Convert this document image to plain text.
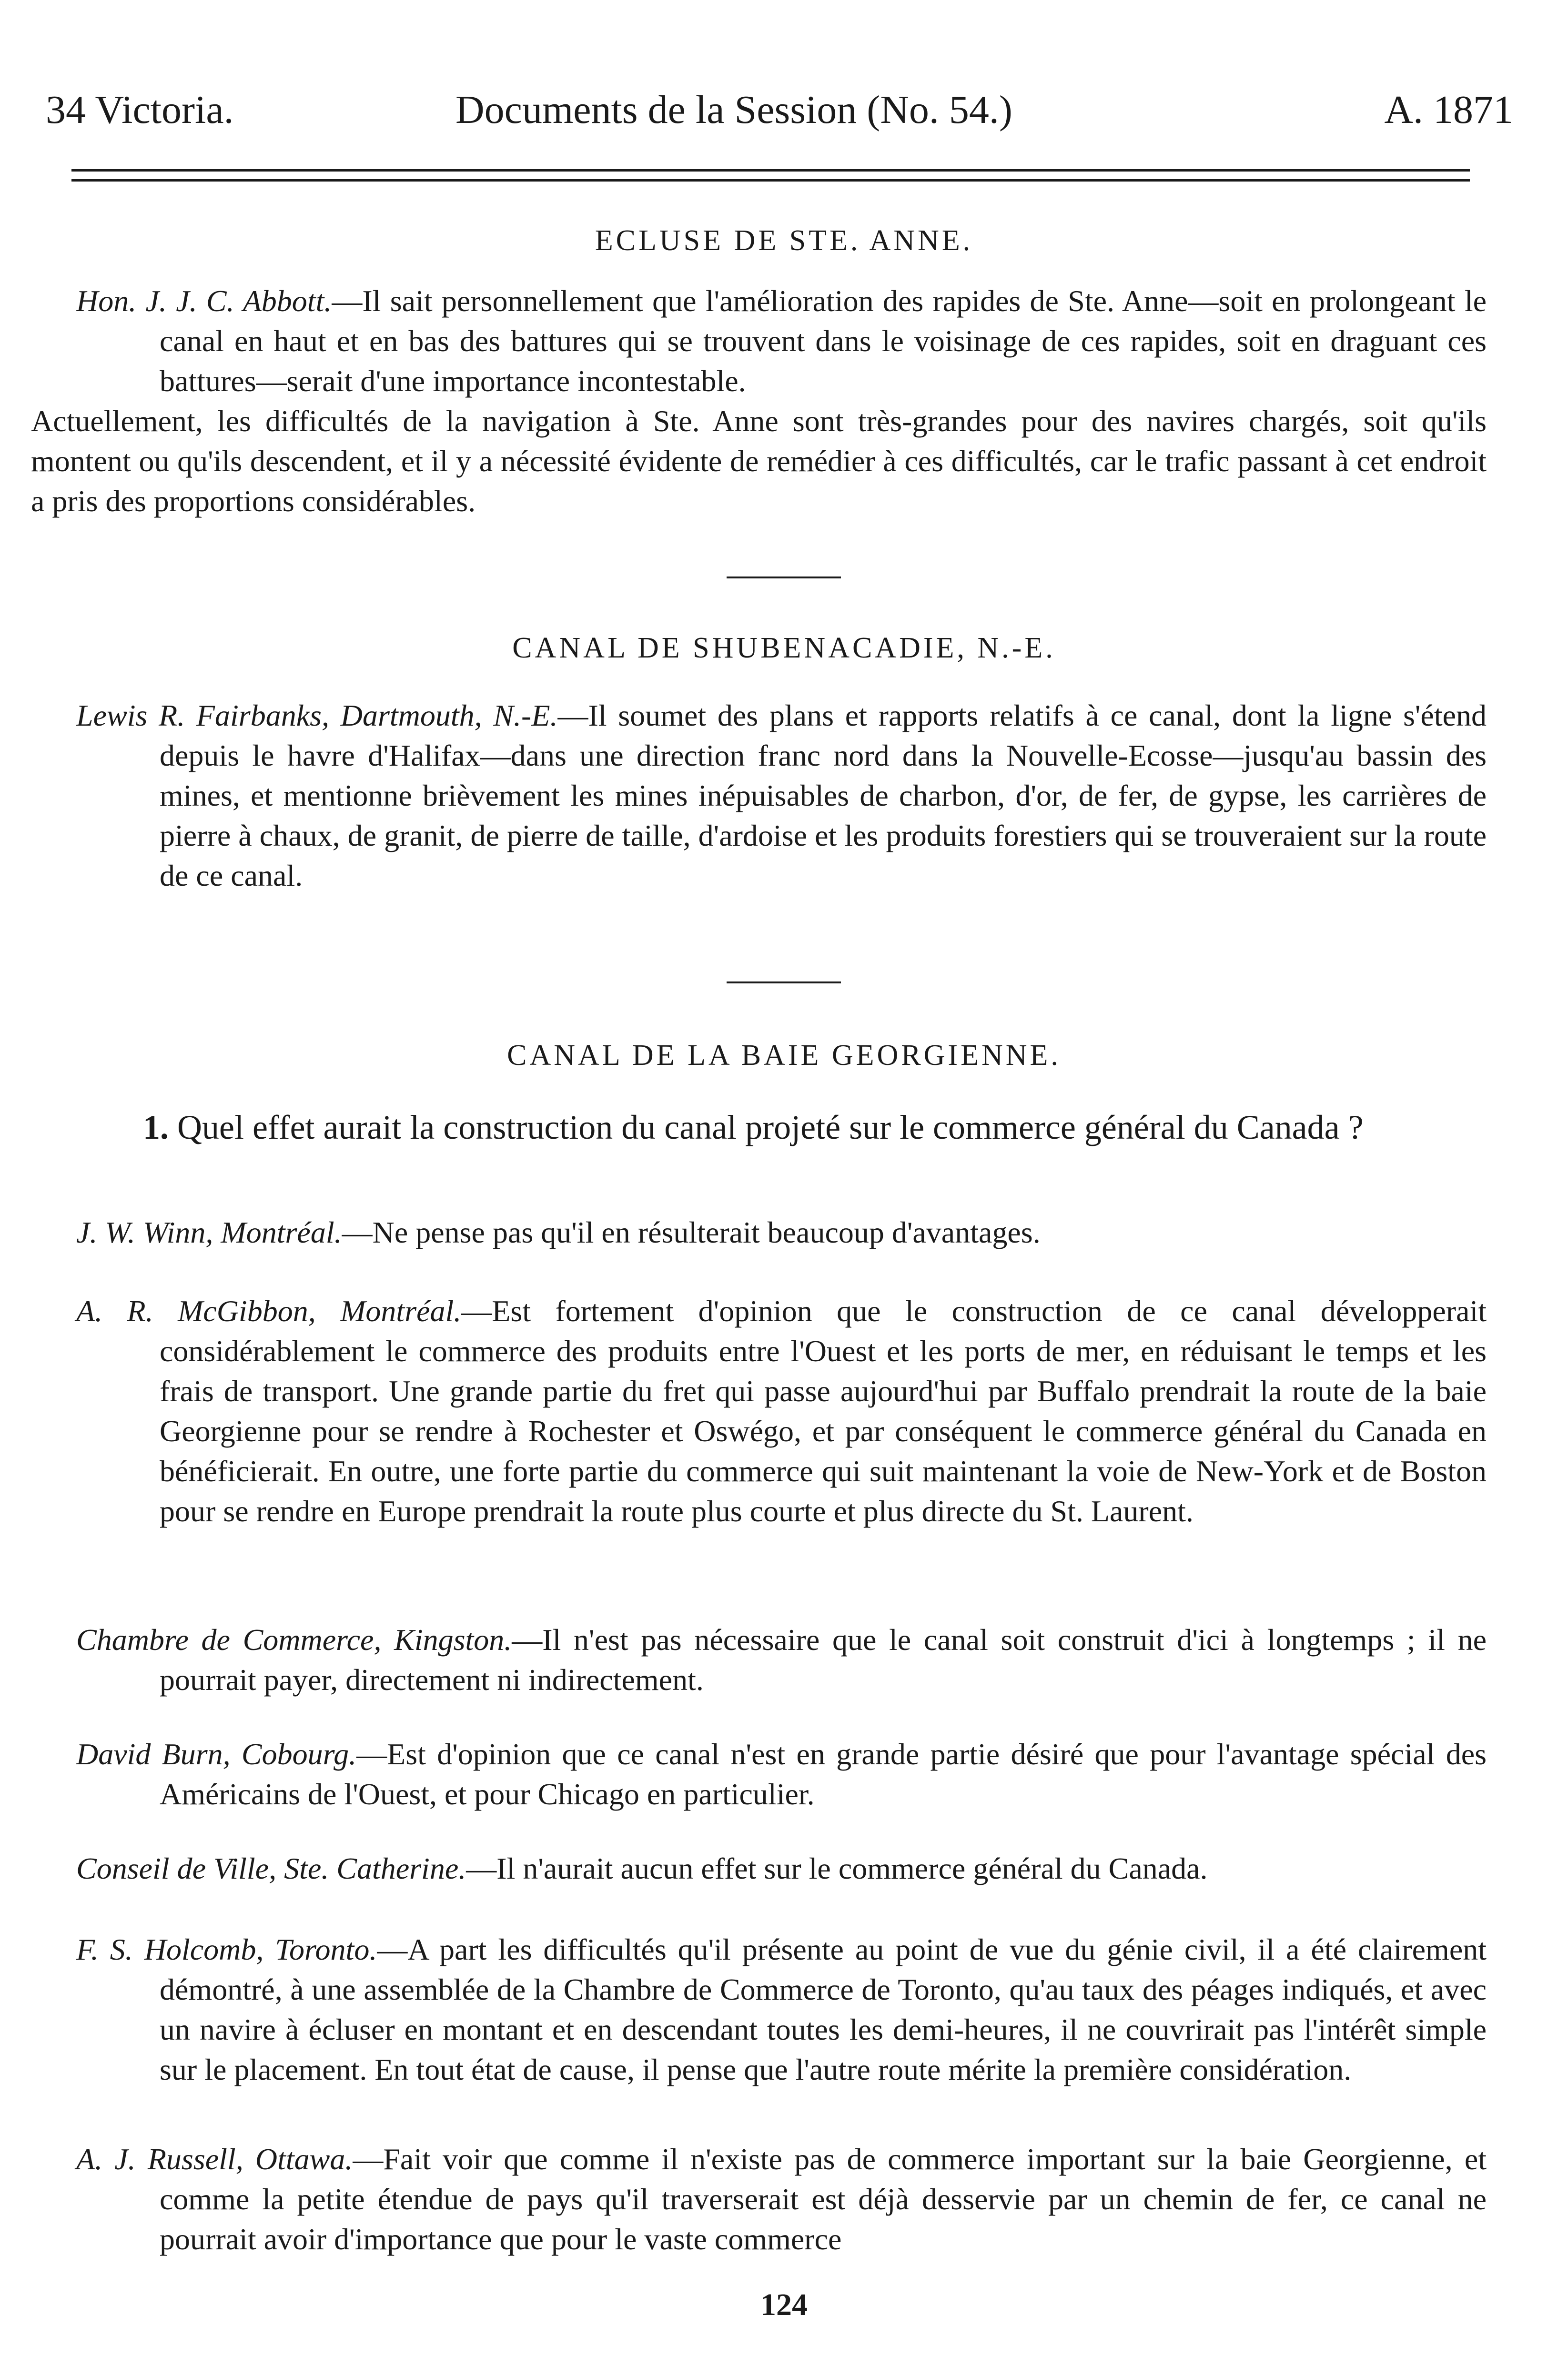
34 Victoria.	Documents de la Session (No. 54.)	A. 1871
ECLUSE DE STE. ANNE.

Hon. J. J. C. Abbott.—Il sait personnellement que l'amélioration des rapides de Ste. Anne—soit en prolongeant le canal en haut et en bas des battures qui se trouvent dans le voisinage de ces rapides, soit en draguant ces battures—serait d'une importance incontestable.

Actuellement, les difficultés de la navigation à Ste. Anne sont très-grandes pour des navires chargés, soit qu'ils montent ou qu'ils descendent, et il y a nécessité évidente de remédier à ces difficultés, car le trafic passant à cet endroit a pris des proportions considérables.

CANAL DE SHUBENACADIE, N.-E.

Lewis R. Fairbanks, Dartmouth, N.-E.—Il soumet des plans et rapports relatifs à ce canal, dont la ligne s'étend depuis le havre d'Halifax—dans une direction franc nord dans la Nouvelle-Ecosse—jusqu'au bassin des mines, et mentionne brièvement les mines inépuisables de charbon, d'or, de fer, de gypse, les carrières de pierre à chaux, de granit, de pierre de taille, d'ardoise et les produits forestiers qui se trouveraient sur la route de ce canal.

CANAL DE LA BAIE GEORGIENNE.

1. Quel effet aurait la construction du canal projeté sur le commerce général du Canada ?

J. W. Winn, Montréal.—Ne pense pas qu'il en résulterait beaucoup d'avantages.

A. R. McGibbon, Montréal.—Est fortement d'opinion que le construction de ce canal développerait considérablement le commerce des produits entre l'Ouest et les ports de mer, en réduisant le temps et les frais de transport. Une grande partie du fret qui passe aujourd'hui par Buffalo prendrait la route de la baie Georgienne pour se rendre à Rochester et Oswégo, et par conséquent le commerce général du Canada en bénéficierait. En outre, une forte partie du commerce qui suit maintenant la voie de New-York et de Boston pour se rendre en Europe prendrait la route plus courte et plus directe du St. Laurent.

Chambre de Commerce, Kingston.—Il n'est pas nécessaire que le canal soit construit d'ici à longtemps ; il ne pourrait payer, directement ni indirectement.

David Burn, Cobourg.—Est d'opinion que ce canal n'est en grande partie désiré que pour l'avantage spécial des Américains de l'Ouest, et pour Chicago en particulier.

Conseil de Ville, Ste. Catherine.—Il n'aurait aucun effet sur le commerce général du Canada.

F. S. Holcomb, Toronto.—A part les difficultés qu'il présente au point de vue du génie civil, il a été clairement démontré, à une assemblée de la Chambre de Commerce de Toronto, qu'au taux des péages indiqués, et avec un navire à écluser en montant et en descendant toutes les demi-heures, il ne couvrirait pas l'intérêt simple sur le placement. En tout état de cause, il pense que l'autre route mérite la première considération.

A. J. Russell, Ottawa.—Fait voir que comme il n'existe pas de commerce important sur la baie Georgienne, et comme la petite étendue de pays qu'il traverserait est déjà desservie par un chemin de fer, ce canal ne pourrait avoir d'importance que pour le vaste commerce

124
